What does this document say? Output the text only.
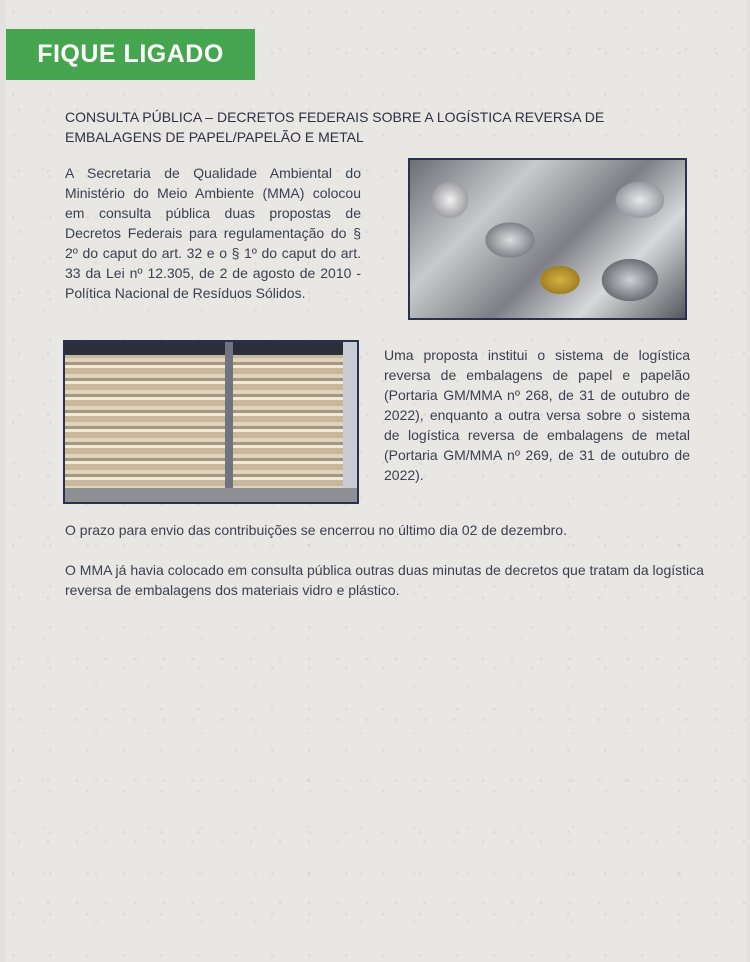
FIQUE LIGADO
CONSULTA PÚBLICA – DECRETOS FEDERAIS SOBRE A LOGÍSTICA REVERSA DE EMBALAGENS DE PAPEL/PAPELÃO E METAL
A Secretaria de Qualidade Ambiental do Ministério do Meio Ambiente (MMA) colocou em consulta pública duas propostas de Decretos Federais para regulamentação do § 2º do caput do art. 32 e o § 1º do caput do art. 33 da Lei nº 12.305, de 2 de agosto de 2010 - Política Nacional de Resíduos Sólidos.
Uma proposta institui o sistema de logística reversa de embalagens de papel e papelão (Portaria GM/MMA nº 268, de 31 de outubro de 2022), enquanto a outra versa sobre o sistema de logística reversa de embalagens de metal (Portaria GM/MMA nº 269, de 31 de outubro de 2022).
O prazo para envio das contribuições se encerrou no último dia 02 de dezembro.
O MMA já havia colocado em consulta pública outras duas minutas de decretos que tratam da logística reversa de embalagens dos materiais vidro e plástico.
